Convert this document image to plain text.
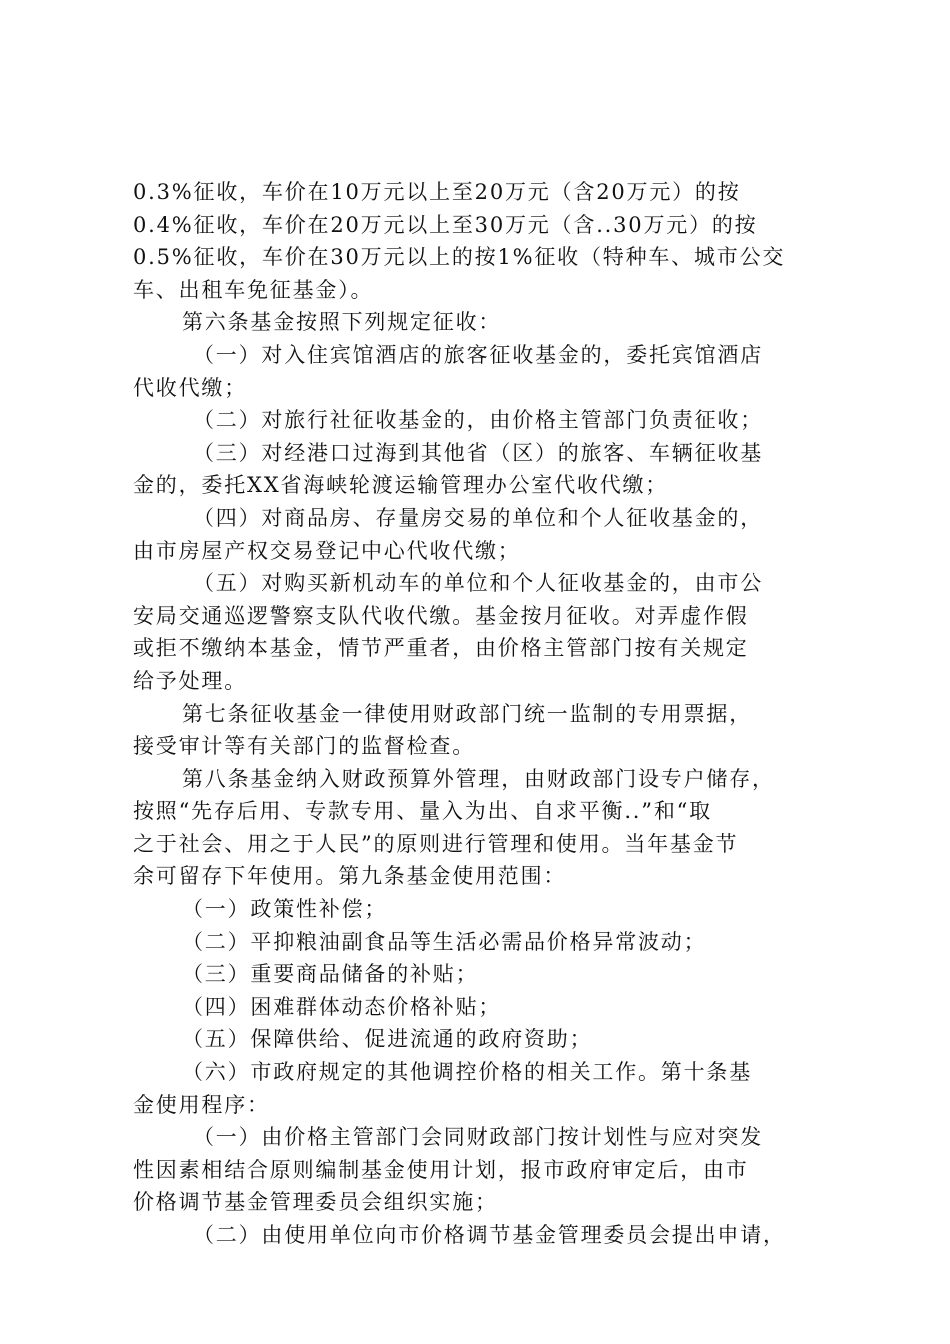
0.3%征收，车价在10万元以上至20万元（含20万元）的按
0.4%征收，车价在20万元以上至30万元（含..30万元）的按
0.5%征收，车价在30万元以上的按1%征收（特种车、城市公交
车、出租车免征基金）。
第六条基金按照下列规定征收：
（一）对入住宾馆酒店的旅客征收基金的，委托宾馆酒店
代收代缴；
（二）对旅行社征收基金的，由价格主管部门负责征收；
（三）对经港口过海到其他省（区）的旅客、车辆征收基
金的，委托XX省海峡轮渡运输管理办公室代收代缴；
（四）对商品房、存量房交易的单位和个人征收基金的，
由市房屋产权交易登记中心代收代缴；
（五）对购买新机动车的单位和个人征收基金的，由市公
安局交通巡逻警察支队代收代缴。基金按月征收。对弄虚作假
或拒不缴纳本基金，情节严重者，由价格主管部门按有关规定
给予处理。
第七条征收基金一律使用财政部门统一监制的专用票据，
接受审计等有关部门的监督检查。
第八条基金纳入财政预算外管理，由财政部门设专户储存，
按照“先存后用、专款专用、量入为出、自求平衡..”和“取
之于社会、用之于人民”的原则进行管理和使用。当年基金节
余可留存下年使用。第九条基金使用范围：
（一）政策性补偿；
（二）平抑粮油副食品等生活必需品价格异常波动；
（三）重要商品储备的补贴；
（四）困难群体动态价格补贴；
（五）保障供给、促进流通的政府资助；
（六）市政府规定的其他调控价格的相关工作。第十条基
金使用程序：
（一）由价格主管部门会同财政部门按计划性与应对突发
性因素相结合原则编制基金使用计划，报市政府审定后，由市
价格调节基金管理委员会组织实施；
（二）由使用单位向市价格调节基金管理委员会提出申请，
